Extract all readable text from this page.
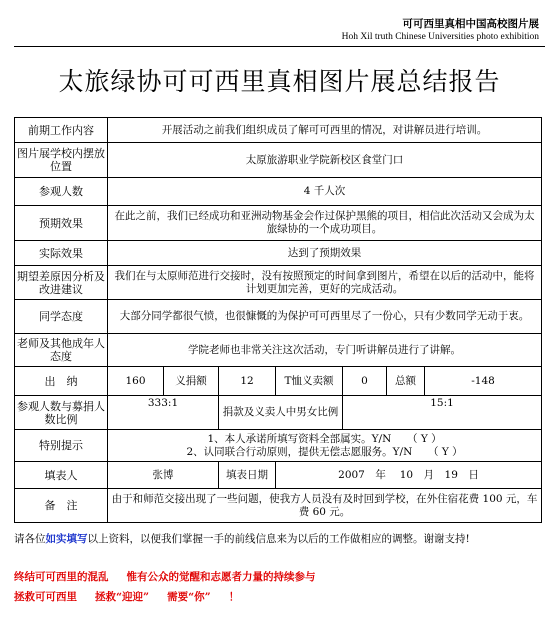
可可西里真相中国高校图片展
Hoh Xil truth Chinese Universities photo exhibition
太旅绿协可可西里真相图片展总结报告
前期工作内容	开展活动之前我们组织成员了解可可西里的情况，对讲解员进行培训。						
图片展学校内摆放位置	太原旅游职业学院新校区食堂门口						
参观人数	4 千人次						
预期效果	在此之前，我们已经成功和亚洲动物基金会作过保护黑熊的项目，相信此次活动又会成为太旅绿协的一个成功项目。						
实际效果	达到了预期效果						
期望差原因分析及改进建议	我们在与太原师范进行交接时，没有按照预定的时间拿到图片，希望在以后的活动中，能将计划更加完善，更好的完成活动。						
同学态度	大部分同学都很气愤，也很慷慨的为保护可可西里尽了一份心，只有少数同学无动于衷。						
老师及其他成年人态度	学院老师也非常关注这次活动，专门听讲解员进行了讲解。						
出　纳	160	义捐额	12	T恤义卖额	0	总额	-148
参观人数与募捐人数比例	333:1		捐款及义卖人中男女比例		15:1		
特别提示	1、本人承诺所填写资料全部属实。Y/N　　（ Y ）
2、认同联合行动原则，提供无偿志愿服务。Y/N　　（ Y ）						

填表人	张博		填表日期	2007　年　 10　月　19　日			
备　注	由于和师范交接出现了一些问题，使我方人员没有及时回到学校，在外住宿花费 100 元，车费 60 元。						
请各位如实填写以上资料，以便我们掌握一手的前线信息来为以后的工作做相应的调整。谢谢支持!
终结可可西里的混乱 惟有公众的觉醒和志愿者力量的持续参与
拯救可可西里 拯救“迎迎” 需要“你” ！
